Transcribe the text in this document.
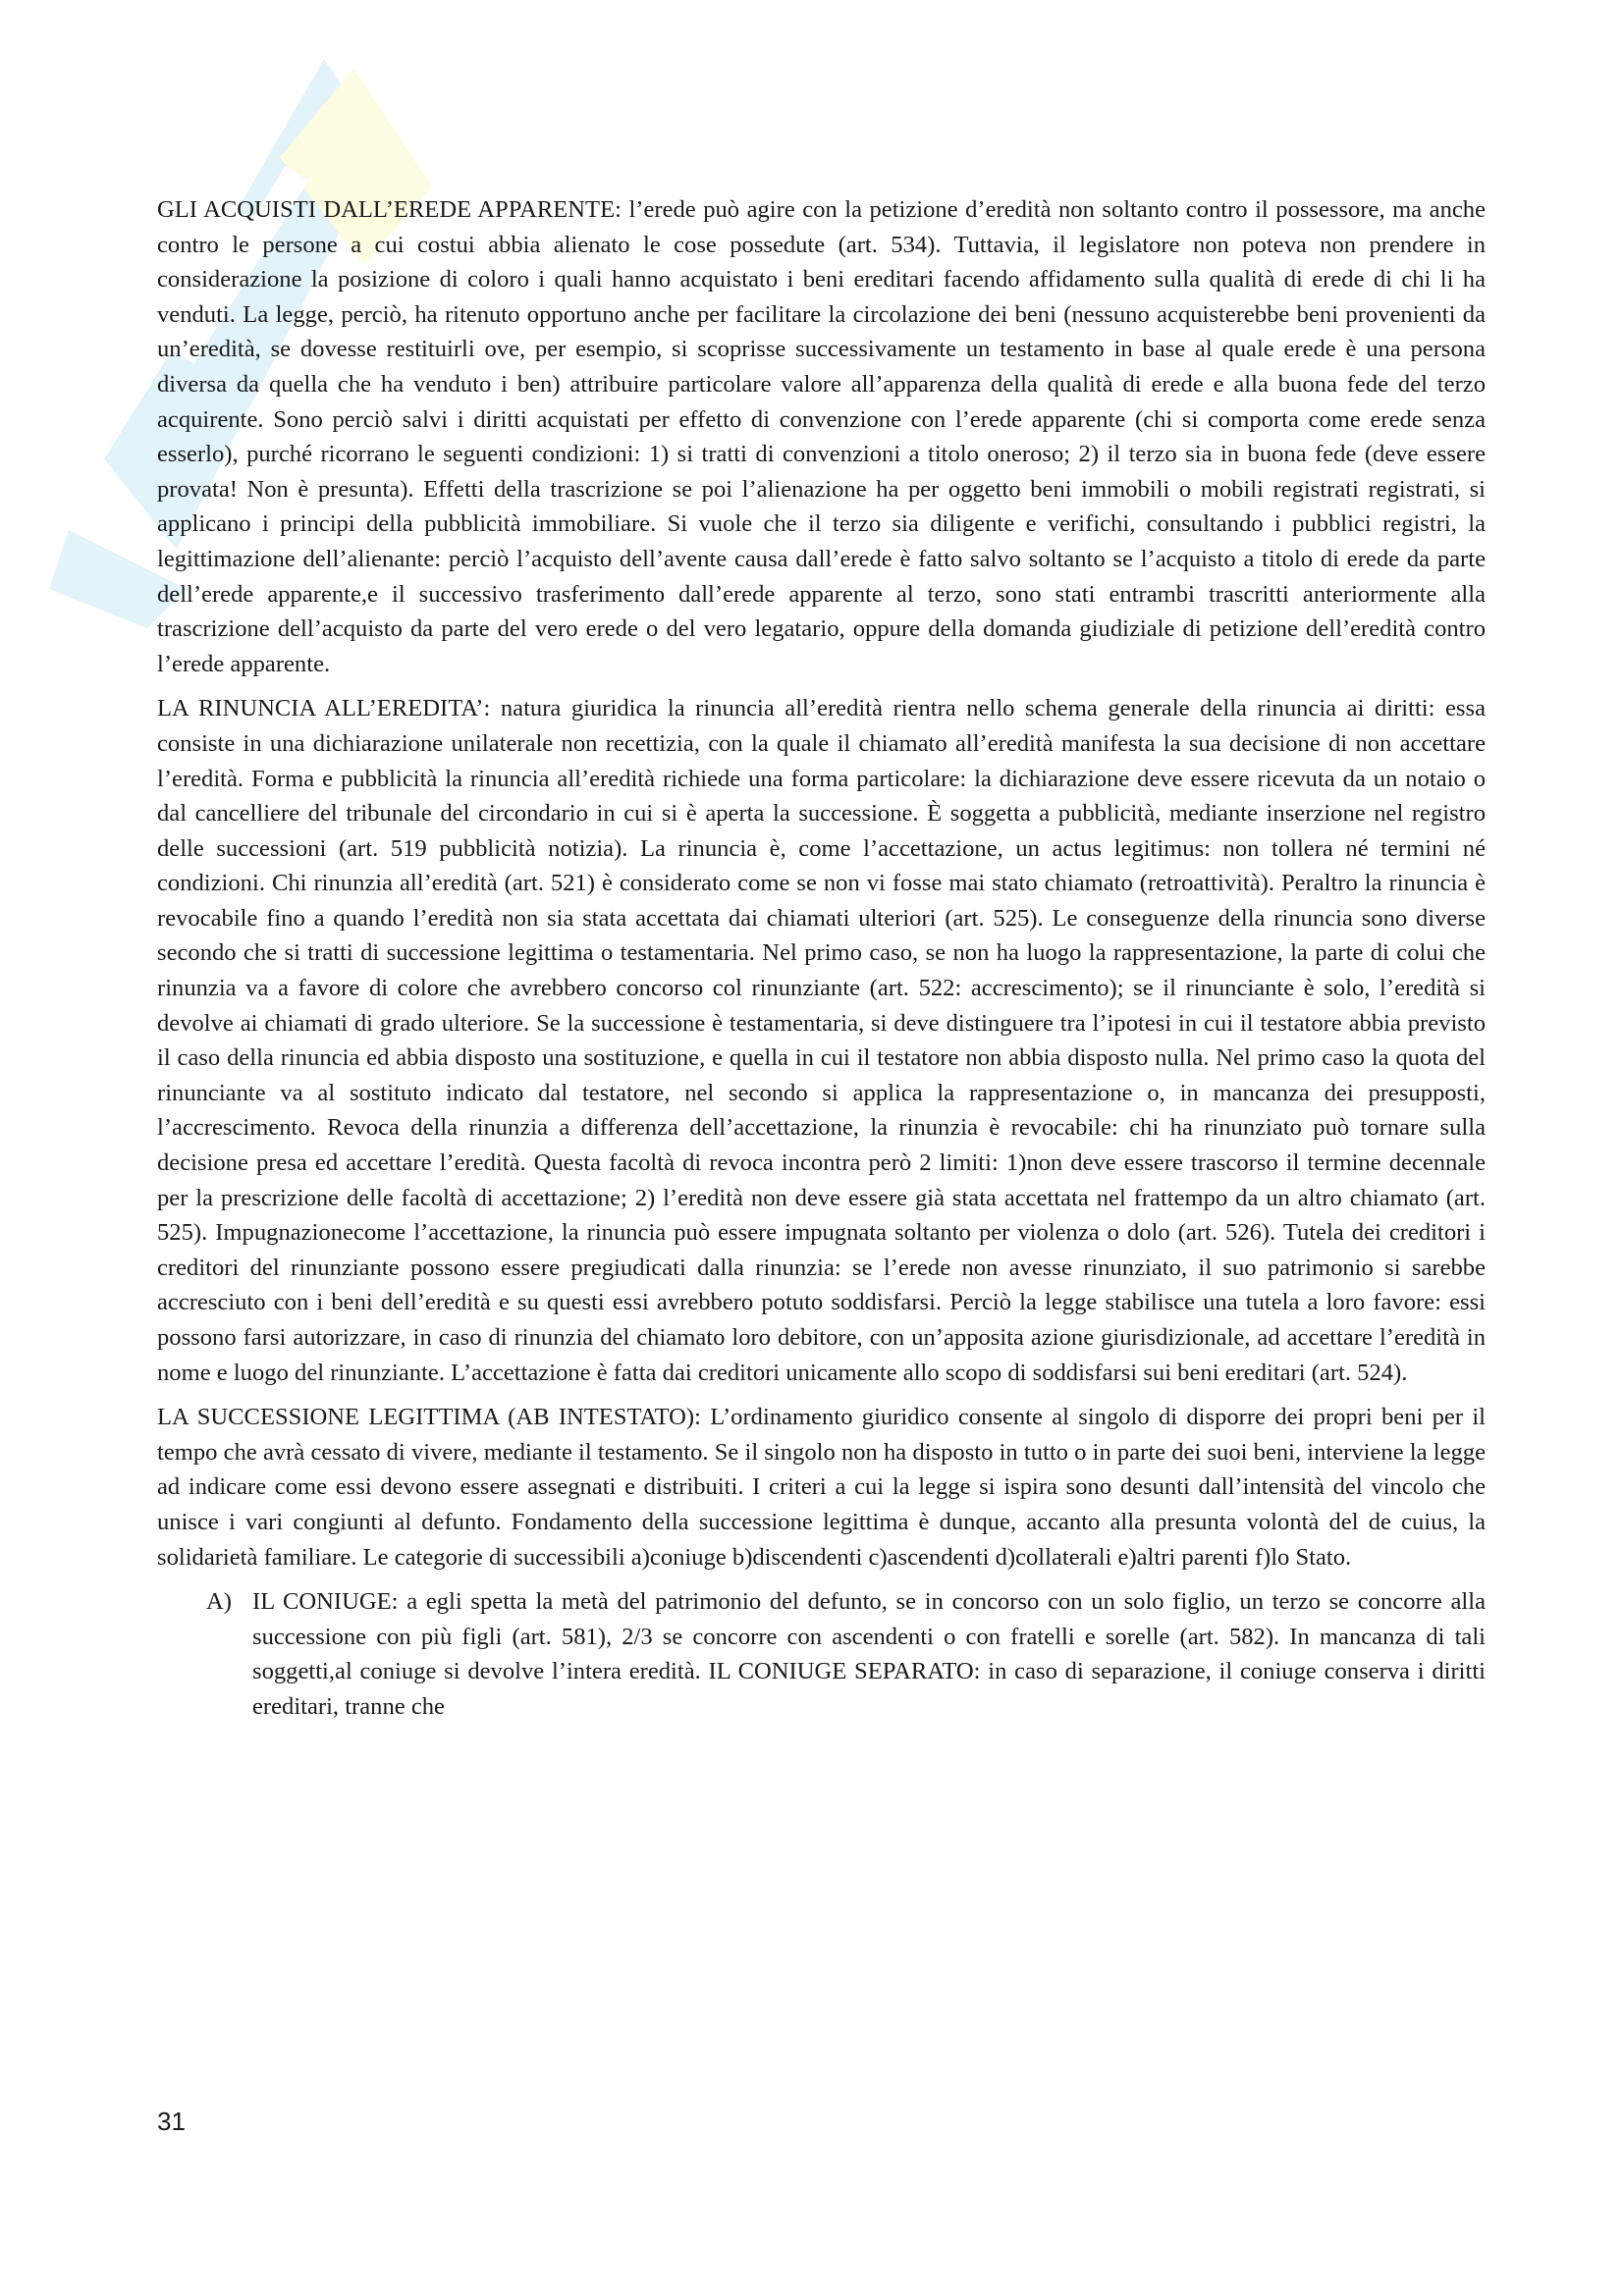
GLI ACQUISTI DALL’EREDE APPARENTE: l’erede può agire con la petizione d’eredità non soltanto contro il possessore, ma anche contro le persone a cui costui abbia alienato le cose possedute (art. 534). Tuttavia, il legislatore non poteva non prendere in considerazione la posizione di coloro i quali hanno acquistato i beni ereditari facendo affidamento sulla qualità di erede di chi li ha venduti. La legge, perciò, ha ritenuto opportuno anche per facilitare la circolazione dei beni (nessuno acquisterebbe beni provenienti da un’eredità, se dovesse restituirli ove, per esempio, si scoprisse successivamente un testamento in base al quale erede è una persona diversa da quella che ha venduto i ben) attribuire particolare valore all’apparenza della qualità di erede e alla buona fede del terzo acquirente. Sono perciò salvi i diritti acquistati per effetto di convenzione con l’erede apparente (chi si comporta come erede senza esserlo), purché ricorrano le seguenti condizioni: 1) si tratti di convenzioni a titolo oneroso; 2) il terzo sia in buona fede (deve essere provata! Non è presunta). Effetti della trascrizione se poi l’alienazione ha per oggetto beni immobili o mobili registrati registrati, si applicano i principi della pubblicità immobiliare. Si vuole che il terzo sia diligente e verifichi, consultando i pubblici registri, la legittimazione dell’alienante: perciò l’acquisto dell’avente causa dall’erede è fatto salvo soltanto se l’acquisto a titolo di erede da parte dell’erede apparente,e il successivo trasferimento dall’erede apparente al terzo, sono stati entrambi trascritti anteriormente alla trascrizione dell’acquisto da parte del vero erede o del vero legatario, oppure della domanda giudiziale di petizione dell’eredità contro l’erede apparente.

LA RINUNCIA ALL’EREDITA’: natura giuridica la rinuncia all’eredità rientra nello schema generale della rinuncia ai diritti: essa consiste in una dichiarazione unilaterale non recettizia, con la quale il chiamato all’eredità manifesta la sua decisione di non accettare l’eredità. Forma e pubblicità la rinuncia all’eredità richiede una forma particolare: la dichiarazione deve essere ricevuta da un notaio o dal cancelliere del tribunale del circondario in cui si è aperta la successione. È soggetta a pubblicità, mediante inserzione nel registro delle successioni (art. 519 pubblicità notizia). La rinuncia è, come l’accettazione, un actus legitimus: non tollera né termini né condizioni. Chi rinunzia all’eredità (art. 521) è considerato come se non vi fosse mai stato chiamato (retroattività). Peraltro la rinuncia è revocabile fino a quando l’eredità non sia stata accettata dai chiamati ulteriori (art. 525). Le conseguenze della rinuncia sono diverse secondo che si tratti di successione legittima o testamentaria. Nel primo caso, se non ha luogo la rappresentazione, la parte di colui che rinunzia va a favore di colore che avrebbero concorso col rinunziante (art. 522: accrescimento); se il rinunciante è solo, l’eredità si devolve ai chiamati di grado ulteriore. Se la successione è testamentaria, si deve distinguere tra l’ipotesi in cui il testatore abbia previsto il caso della rinuncia ed abbia disposto una sostituzione, e quella in cui il testatore non abbia disposto nulla. Nel primo caso la quota del rinunciante va al sostituto indicato dal testatore, nel secondo si applica la rappresentazione o, in mancanza dei presupposti, l’accrescimento. Revoca della rinunzia a differenza dell’accettazione, la rinunzia è revocabile: chi ha rinunziato può tornare sulla decisione presa ed accettare l’eredità. Questa facoltà di revoca incontra però 2 limiti: 1)non deve essere trascorso il termine decennale per la prescrizione delle facoltà di accettazione; 2) l’eredità non deve essere già stata accettata nel frattempo da un altro chiamato (art. 525). Impugnazionecome l’accettazione, la rinuncia può essere impugnata soltanto per violenza o dolo (art. 526). Tutela dei creditori i creditori del rinunziante possono essere pregiudicati dalla rinunzia: se l’erede non avesse rinunziato, il suo patrimonio si sarebbe accresciuto con i beni dell’eredità e su questi essi avrebbero potuto soddisfarsi. Perciò la legge stabilisce una tutela a loro favore: essi possono farsi autorizzare, in caso di rinunzia del chiamato loro debitore, con un’apposita azione giurisdizionale, ad accettare l’eredità in nome e luogo del rinunziante. L’accettazione è fatta dai creditori unicamente allo scopo di soddisfarsi sui beni ereditari (art. 524).

LA SUCCESSIONE LEGITTIMA (AB INTESTATO): L’ordinamento giuridico consente al singolo di disporre dei propri beni per il tempo che avrà cessato di vivere, mediante il testamento. Se il singolo non ha disposto in tutto o in parte dei suoi beni, interviene la legge ad indicare come essi devono essere assegnati e distribuiti. I criteri a cui la legge si ispira sono desunti dall’intensità del vincolo che unisce i vari congiunti al defunto. Fondamento della successione legittima è dunque, accanto alla presunta volontà del de cuius, la solidarietà familiare. Le categorie di successibili a)coniuge b)discendenti c)ascendenti d)collaterali e)altri parenti f)lo Stato.

A) IL CONIUGE: a egli spetta la metà del patrimonio del defunto, se in concorso con un solo figlio, un terzo se concorre alla successione con più figli (art. 581), 2/3 se concorre con ascendenti o con fratelli e sorelle (art. 582). In mancanza di tali soggetti,al coniuge si devolve l’intera eredità. IL CONIUGE SEPARATO: in caso di separazione, il coniuge conserva i diritti ereditari, tranne che
31
